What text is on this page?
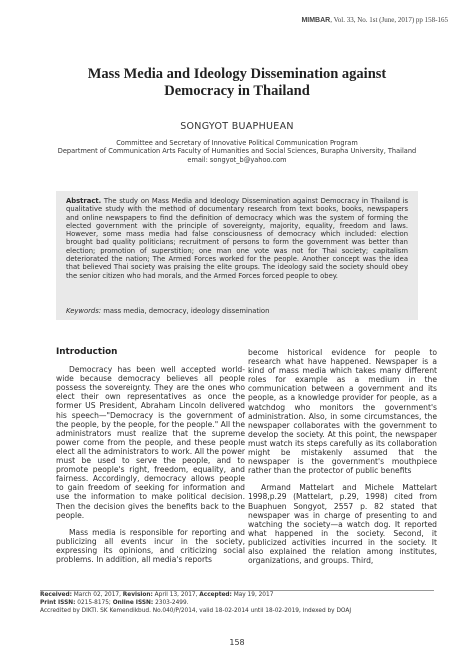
MIMBAR, Vol. 33, No. 1st (June, 2017) pp 158-165
Mass Media and Ideology Dissemination against
Democracy in Thailand
SONGYOT BUAPHUEAN
Committee and Secretary of Innovative Political Communication Program
Department of Communication Arts Faculty of Humanities and Social Sciences, Burapha University, Thailand
email: songyot_b@yahoo.com
Abstract. The study on Mass Media and Ideology Dissemination against Democracy in Thailand is qualitative study with the method of documentary research from text books, books, newspapers and online newspapers to find the definition of democracy which was the system of forming the elected government with the principle of sovereignty, majority, equality, freedom and laws. However, some mass media had false consciousness of democracy which included: election brought bad quality politicians; recruitment of persons to form the government was better than election; promotion of superstition; one man one vote was not for Thai society; capitalism deteriorated the nation; The Armed Forces worked for the people. Another concept was the idea that believed Thai society was praising the elite groups. The ideology said the society should obey the senior citizen who had morals, and the Armed Forces forced people to obey.
Keywords: mass media, democracy, ideology dissemination
Introduction

Democracy has been well accepted world-wide because democracy believes all people possess the sovereignty. They are the ones who elect their own representatives as once the former US President, Abraham Lincoln delivered his speech—"Democracy is the government of the people, by the people, for the people." All the administrators must realize that the supreme power come from the people, and these people elect all the administrators to work. All the power must be used to serve the people, and to promote people's right, freedom, equality, and fairness. Accordingly, democracy allows people to gain freedom of seeking for information and use the information to make political decision. Then the decision gives the benefits back to the people.

Mass media is responsible for reporting and publicizing all events incur in the society, expressing its opinions, and criticizing social problems. In addition, all media's reports

become historical evidence for people to research what have happened. Newspaper is a kind of mass media which takes many different roles for example as a medium in the communication between a government and its people, as a knowledge provider for people, as a watchdog who monitors the government's administration. Also, in some circumstances, the newspaper collaborates with the government to develop the society. At this point, the newspaper must watch its steps carefully as its collaboration might be mistakenly assumed that the newspaper is the government's mouthpiece rather than the protector of public benefits

Armand Mattelart and Michele Mattelart 1998,p.29 (Mattelart, p.29, 1998) cited from Buaphuen Songyot, 2557 p. 82 stated that newspaper was in charge of presenting to and watching the society—a watch dog. It reported what happened in the society. Second, it publicized activities incurred in the society. It also explained the relation among institutes, organizations, and groups. Third,

Received: March 02, 2017, Revision: April 13, 2017, Accepted: May 19, 2017
Print ISSN: 0215-8175; Online ISSN: 2303-2499.
Accredited by DIKTI. SK Kemendikbud. No.040/P/2014, valid 18-02-2014 until 18-02-2019, Indexed by DOAJ
158
